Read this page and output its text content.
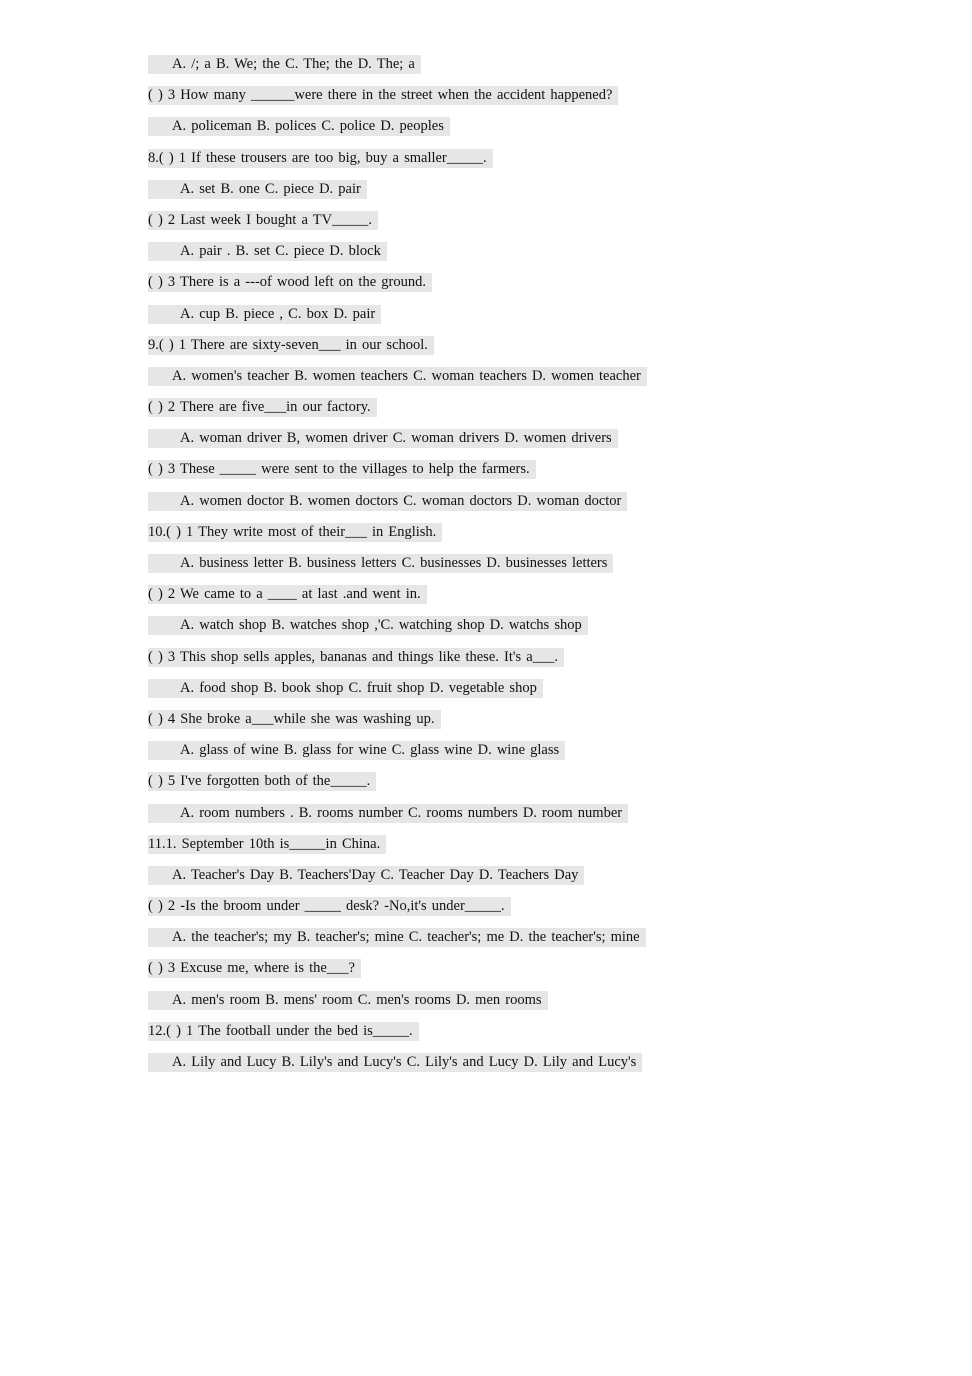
A. /; a B. We; the C. The; the D. The; a
( ) 3 How many ______were there in the street when the accident happened?
A. policeman B. polices C. police D. peoples
8.( ) 1 If these trousers are too big, buy a smaller_____.
A. set B. one C. piece D. pair
( ) 2 Last week I bought a TV_____.
A. pair . B. set C. piece D. block
( ) 3 There is a ---of wood left on the ground.
A. cup B. piece , C. box D. pair
9.( ) 1 There are sixty-seven___ in our school.
A. women's teacher B. women teachers C. woman teachers D. women teacher
( ) 2 There are five___in our factory.
A. woman driver B, women driver C. woman drivers D. women drivers
( ) 3 These _____ were sent to the villages to help the farmers.
A. women doctor B. women doctors C. woman doctors D. woman doctor
10.( ) 1 They write most of their___ in English.
A. business letter B. business letters C. businesses D. businesses letters
( ) 2 We came to a ____ at last .and went in.
A. watch shop B. watches shop ,'C. watching shop D. watchs shop
( ) 3 This shop sells apples, bananas and things like these. It's a___.
A. food shop B. book shop C. fruit shop D. vegetable shop
( ) 4 She broke a___while she was washing up.
A. glass of wine B. glass for wine C. glass wine D. wine glass
( ) 5 I've forgotten both of the_____.
A. room numbers . B. rooms number C. rooms numbers D. room number
11.1. September 10th is_____in China.
A. Teacher's Day B. Teachers'Day C. Teacher Day D. Teachers Day
( ) 2 -Is the broom under _____ desk? -No,it's under_____.
A. the teacher's; my B. teacher's; mine C. teacher's; me D. the teacher's; mine
( ) 3 Excuse me, where is the___?
A. men's room B. mens' room C. men's rooms D. men rooms
12.( ) 1 The football under the bed is_____.
A. Lily and Lucy B. Lily's and Lucy's C. Lily's and Lucy D. Lily and Lucy's
